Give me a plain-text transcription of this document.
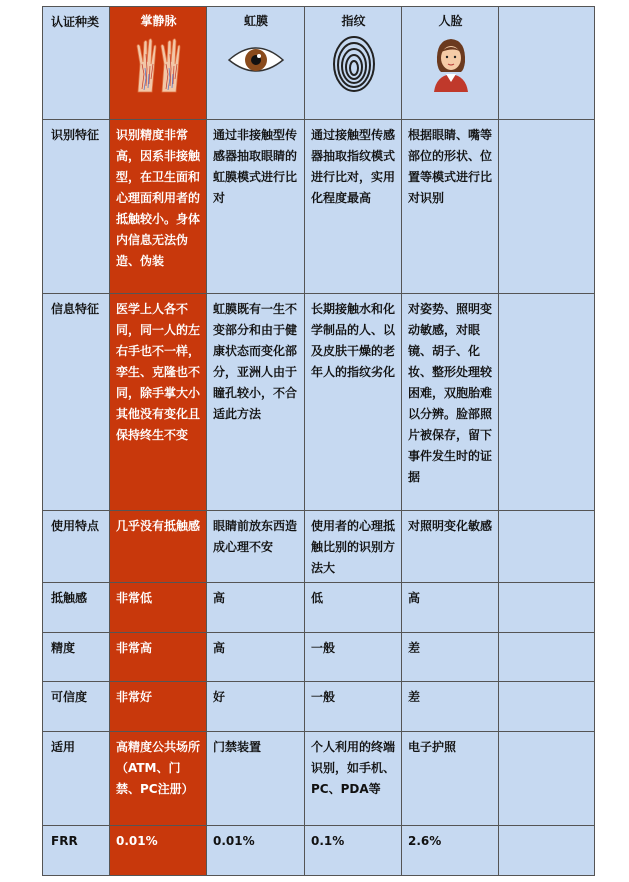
认证种类	掌静脉	虹膜	指纹	人脸	

识别特征	识别精度非常高，因系非接触型，在卫生面和心理面利用者的抵触较小。身体内信息无法伪造、伪装	通过非接触型传感器抽取眼睛的虹膜模式进行比对	通过接触型传感器抽取指纹模式进行比对，实用化程度最高	根据眼睛、嘴等部位的形状、位置等模式进行比对识别	
信息特征	医学上人各不同，同一人的左右手也不一样，孪生、克隆也不同，除手掌大小其他没有变化且保持终生不变	虹膜既有一生不变部分和由于健康状态而变化部分，亚洲人由于瞳孔较小，不合适此方法	长期接触水和化学制品的人、以及皮肤干燥的老年人的指纹劣化	对姿势、照明变动敏感，对眼镜、胡子、化妆、整形处理较困难，双胞胎难以分辨。脸部照片被保存，留下事件发生时的证据	
使用特点	几乎没有抵触感	眼睛前放东西造成心理不安	使用者的心理抵触比别的识别方法大	对照明变化敏感	
抵触感	非常低	高	低	高	
精度	非常高	高	一般	差	
可信度	非常好	好	一般	差	
适用	高精度公共场所（ATM、门禁、PC注册）	门禁装置	个人利用的终端识别，如手机、PC、PDA等	电子护照	
FRR	0.01%	0.01%	0.1%	2.6%	
